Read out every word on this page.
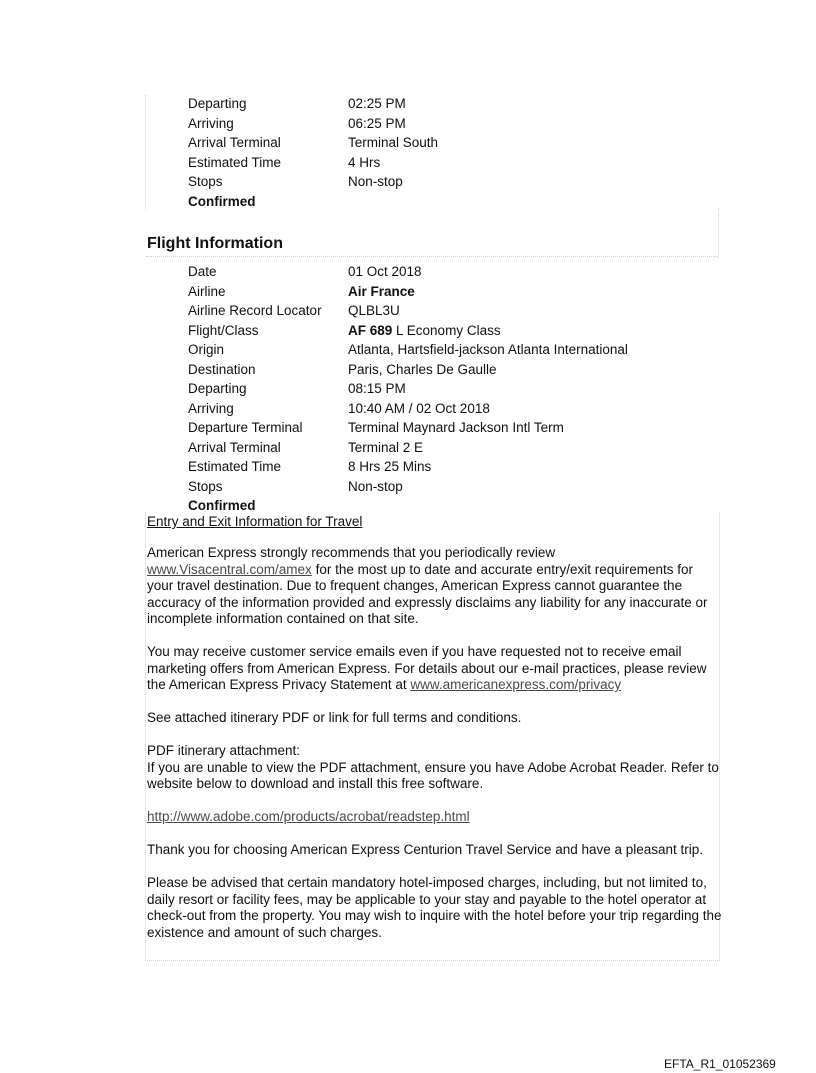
Departing	02:25 PM
Arriving	06:25 PM
Arrival Terminal	Terminal South
Estimated Time	4 Hrs
Stops	Non-stop
Confirmed	
Flight Information
Date	01 Oct 2018
Airline	Air France
Airline Record Locator	QLBL3U
Flight/Class	AF 689 L Economy Class
Origin	Atlanta, Hartsfield-jackson Atlanta International
Destination	Paris, Charles De Gaulle
Departing	08:15 PM
Arriving	10:40 AM / 02 Oct 2018
Departure Terminal	Terminal Maynard Jackson Intl Term
Arrival Terminal	Terminal 2 E
Estimated Time	8 Hrs 25 Mins
Stops	Non-stop
Confirmed	
Entry and Exit Information for Travel

American Express strongly recommends that you periodically review www.Visacentral.com/amex for the most up to date and accurate entry/exit requirements for your travel destination. Due to frequent changes, American Express cannot guarantee the accuracy of the information provided and expressly disclaims any liability for any inaccurate or incomplete information contained on that site.

You may receive customer service emails even if you have requested not to receive email marketing offers from American Express. For details about our e-mail practices, please review the American Express Privacy Statement at www.americanexpress.com/privacy

See attached itinerary PDF or link for full terms and conditions.

PDF itinerary attachment:
If you are unable to view the PDF attachment, ensure you have Adobe Acrobat Reader. Refer to website below to download and install this free software.

http://www.adobe.com/products/acrobat/readstep.html

Thank you for choosing American Express Centurion Travel Service and have a pleasant trip.

Please be advised that certain mandatory hotel-imposed charges, including, but not limited to, daily resort or facility fees, may be applicable to your stay and payable to the hotel operator at check-out from the property. You may wish to inquire with the hotel before your trip regarding the existence and amount of such charges.

EFTA_R1_01052369
